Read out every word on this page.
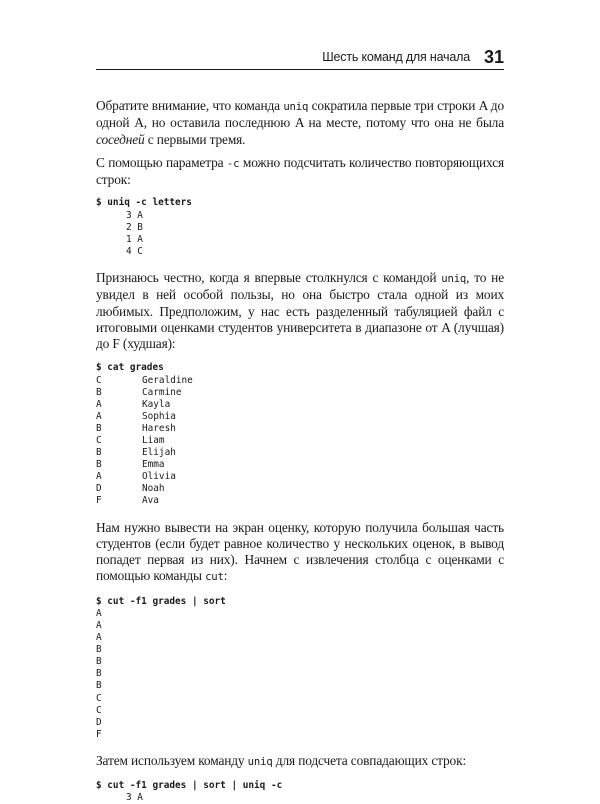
Шесть команд для начала 31

Обратите внимание, что команда uniq сократила первые три строки A до одной A, но оставила последнюю A на месте, потому что она не была соседней с первыми тремя.

С помощью параметра -c можно подсчитать количество повторяющихся строк:

$ uniq -c letters
3 A
2 B
1 A
4 C

Признаюсь честно, когда я впервые столкнулся с командой uniq, то не увидел в ней особой пользы, но она быстро стала одной из моих любимых. Предположим, у нас есть разделенный табуляцией файл с итоговыми оценками студентов университета в диапазоне от A (лучшая) до F (худшая):

$ cat grades
C	Geraldine
B	Carmine
A	Kayla
A	Sophia
B	Haresh
C	Liam
B	Elijah
B	Emma
A	Olivia
D	Noah
F	Ava

Нам нужно вывести на экран оценку, которую получила большая часть студентов (если будет равное количество у нескольких оценок, в вывод попадет первая из них). Начнем с извлечения столбца с оценками с помощью команды cut:

$ cut -f1 grades | sort
A
A
A
B
B
B
B
C
C
D
F

Затем используем команду uniq для подсчета совпадающих строк:

$ cut -f1 grades | sort | uniq -c
3 A
